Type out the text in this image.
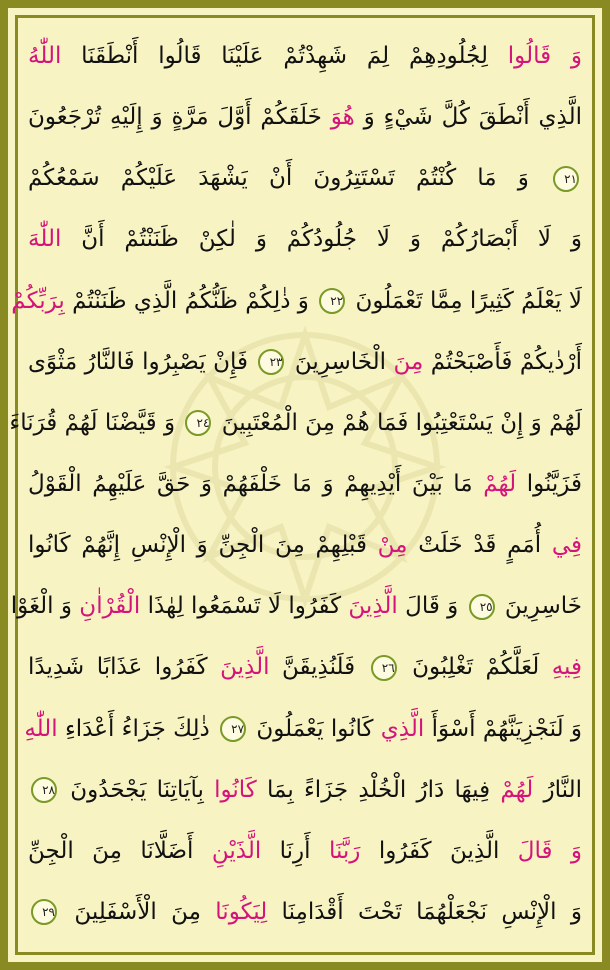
وَ قَالُوا لِجُلُودِهِمْ لِمَ شَهِدْتُمْ عَلَيْنَا قَالُوا أَنْطَقَنَا اللّٰهُ
الَّذِي أَنْطَقَ كُلَّ شَيْءٍ وَ هُوَ خَلَقَكُمْ أَوَّلَ مَرَّةٍ وَ إِلَيْهِ تُرْجَعُونَ
٢١ وَ مَا كُنْتُمْ تَسْتَتِرُونَ أَنْ يَشْهَدَ عَلَيْكُمْ سَمْعُكُمْ
وَ لَا أَبْصَارُكُمْ وَ لَا جُلُودُكُمْ وَ لٰكِنْ ظَنَنْتُمْ أَنَّ اللّٰهَ
لَا يَعْلَمُ كَثِيرًا مِمَّا تَعْمَلُونَ ٢٢ وَ ذٰلِكُمْ ظَنُّكُمُ الَّذِي ظَنَنْتُمْ بِرَبِّكُمْ
أَرْدٰيكُمْ فَأَصْبَحْتُمْ مِنَ الْخَاسِرِينَ ٢٣ فَإِنْ يَصْبِرُوا فَالنَّارُ مَثْوًى
لَهُمْ وَ إِنْ يَسْتَعْتِبُوا فَمَا هُمْ مِنَ الْمُعْتَبِينَ ٢٤ وَ قَيَّضْنَا لَهُمْ قُرَنَاءَ
فَزَيَّنُوا لَهُمْ مَا بَيْنَ أَيْدِيهِمْ وَ مَا خَلْفَهُمْ وَ حَقَّ عَلَيْهِمُ الْقَوْلُ
فِي أُمَمٍ قَدْ خَلَتْ مِنْ قَبْلِهِمْ مِنَ الْجِنِّ وَ الْإِنْسِ إِنَّهُمْ كَانُوا
خَاسِرِينَ ٢٥ وَ قَالَ الَّذِينَ كَفَرُوا لَا تَسْمَعُوا لِهٰذَا الْقُرْاٰنِ وَ الْغَوْا
فِيهِ لَعَلَّكُمْ تَغْلِبُونَ ٢٦ فَلَنُذِيقَنَّ الَّذِينَ كَفَرُوا عَذَابًا شَدِيدًا
وَ لَنَجْزِيَنَّهُمْ أَسْوَأَ الَّذِي كَانُوا يَعْمَلُونَ ٢٧ ذٰلِكَ جَزَاءُ أَعْدَاءِ اللّٰهِ
النَّارُ لَهُمْ فِيهَا دَارُ الْخُلْدِ جَزَاءً بِمَا كَانُوا بِآيَاتِنَا يَجْحَدُونَ ٢٨
وَ قَالَ الَّذِينَ كَفَرُوا رَبَّنَا أَرِنَا الَّذَيْنِ أَضَلَّانَا مِنَ الْجِنِّ
وَ الْإِنْسِ نَجْعَلْهُمَا تَحْتَ أَقْدَامِنَا لِيَكُونَا مِنَ الْأَسْفَلِينَ ٢٩
